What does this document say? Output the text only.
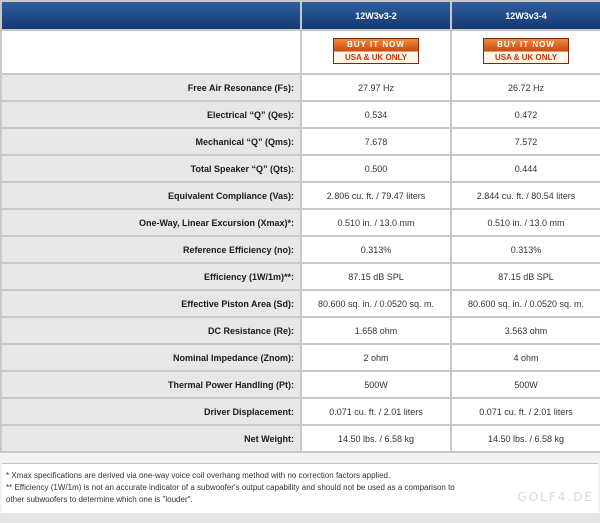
	12W3v3-2	12W3v3-4

	BUY IT NOW
USA & UK ONLY	BUY IT NOW
USA & UK ONLY

Free Air Resonance (Fs):	27.97 Hz	26.72 Hz
Electrical “Q” (Qes):	0.534	0.472
Mechanical “Q” (Qms):	7.678	7.572
Total Speaker “Q” (Qts):	0.500	0.444
Equivalent Compliance (Vas):	2.806 cu. ft. / 79.47 liters	2.844 cu. ft. / 80.54 liters
One-Way, Linear Excursion (Xmax)*:	0.510 in. / 13.0 mm	0.510 in. / 13.0 mm
Reference Efficiency (no):	0.313%	0.313%
Efficiency (1W/1m)**:	87.15 dB SPL	87.15 dB SPL
Effective Piston Area (Sd):	80.600 sq. in. / 0.0520 sq. m.	80.600 sq. in. / 0.0520 sq. m.
DC Resistance (Re):	1.658 ohm	3.563 ohm
Nominal Impedance (Znom):	2 ohm	4 ohm
Thermal Power Handling (Pt):	500W	500W
Driver Displacement:	0.071 cu. ft. / 2.01 liters	0.071 cu. ft. / 2.01 liters
Net Weight:	14.50 lbs. / 6.58 kg	14.50 lbs. / 6.58 kg
* Xmax specifications are derived via one-way voice coil overhang method with no correction factors applied.
** Efficiency (1W/1m) is not an accurate indicator of a subwoofer's output capability and should not be used as a comparison to
other subwoofers to determine which one is "louder".	GOLF4.DE
